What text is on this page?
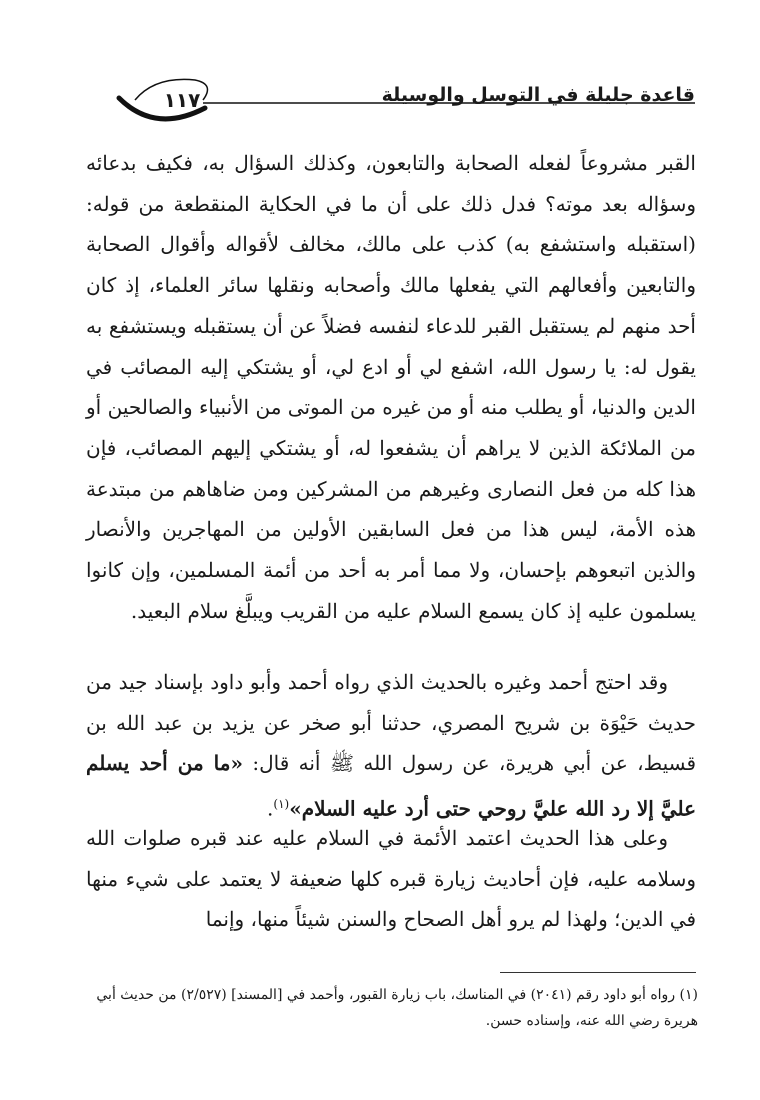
١١٧	قاعدة جليلة في التوسل والوسيلة

القبر مشروعاً لفعله الصحابة والتابعون، وكذلك السؤال به، فكيف بدعائه وسؤاله بعد موته؟ فدل ذلك على أن ما في الحكاية المنقطعة من قوله: (استقبله واستشفع به) كذب على مالك، مخالف لأقواله وأقوال الصحابة والتابعين وأفعالهم التي يفعلها مالك وأصحابه ونقلها سائر العلماء، إذ كان أحد منهم لم يستقبل القبر للدعاء لنفسه فضلاً عن أن يستقبله ويستشفع به يقول له: يا رسول الله، اشفع لي أو ادع لي، أو يشتكي إليه المصائب في الدين والدنيا، أو يطلب منه أو من غيره من الموتى من الأنبياء والصالحين أو من الملائكة الذين لا يراهم أن يشفعوا له، أو يشتكي إليهم المصائب، فإن هذا كله من فعل النصارى وغيرهم من المشركين ومن ضاهاهم من مبتدعة هذه الأمة، ليس هذا من فعل السابقين الأولين من المهاجرين والأنصار والذين اتبعوهم بإحسان، ولا مما أمر به أحد من أئمة المسلمين، وإن كانوا يسلمون عليه إذ كان يسمع السلام عليه من القريب ويبلَّغ سلام البعيد.

وقد احتج أحمد وغيره بالحديث الذي رواه أحمد وأبو داود بإسناد جيد من حديث حَيْوَة بن شريح المصري، حدثنا أبو صخر عن يزيد بن عبد الله بن قسيط، عن أبي هريرة، عن رسول الله ﷺ أنه قال: «ما من أحد يسلم عليَّ إلا رد الله عليَّ روحي حتى أرد عليه السلام»$^{(١)}$.

وعلى هذا الحديث اعتمد الأئمة في السلام عليه عند قبره صلوات الله وسلامه عليه، فإن أحاديث زيارة قبره كلها ضعيفة لا يعتمد على شيء منها في الدين؛ ولهذا لم يرو أهل الصحاح والسنن شيئاً منها، وإنما

(١) رواه أبو داود رقم (٢٠٤١) في المناسك، باب زيارة القبور، وأحمد في [المسند] (٢/٥٢٧) من حديث أبي هريرة رضي الله عنه، وإسناده حسن.
